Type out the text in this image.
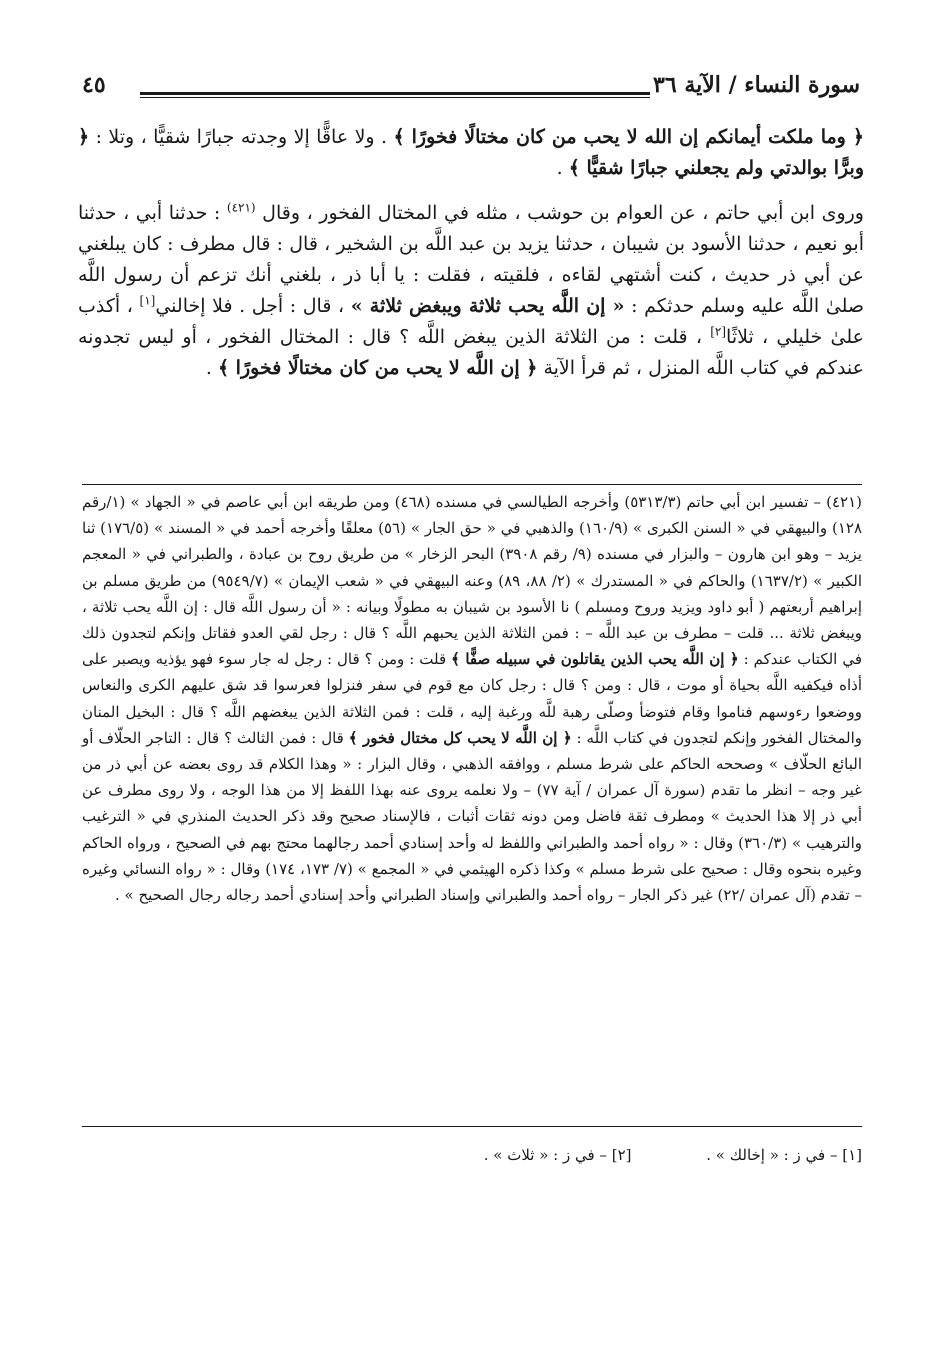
٤٥	سورة النساء / الآية ٣٦

﴿ وما ملكت أيمانكم إن الله لا يحب من كان مختالًا فخورًا ﴾ . ولا عاقًّا إلا وجدته جبارًا شقيًّا ، وتلا : ﴿ وبرًّا بوالدتي ولم يجعلني جبارًا شقيًّا ﴾ .

وروى ابن أبي حاتم ، عن العوام بن حوشب ، مثله في المختال الفخور ، وقال $^{(٤٢١)}$ : حدثنا أبي ، حدثنا أبو نعيم ، حدثنا الأسود بن شيبان ، حدثنا يزيد بن عبد اللَّه بن الشخير ، قال : قال مطرف : كان يبلغني عن أبي ذر حديث ، كنت أشتهي لقاءه ، فلقيته ، فقلت : يا أبا ذر ، بلغني أنك تزعم أن رسول اللَّه صلىٰ اللَّه عليه وسلم حدثكم : « إن اللَّه يحب ثلاثة ويبغض ثلاثة » ، قال : أجل . فلا إخالني[١] ، أكذب علىٰ خليلي ، ثلاثًا[٢] ، قلت : من الثلاثة الذين يبغض اللَّه ؟ قال : المختال الفخور ، أو ليس تجدونه عندكم في كتاب اللَّه المنزل ، ثم قرأ الآية ﴿ إن اللَّه لا يحب من كان مختالًا فخورًا ﴾ .

(٤٢١) – تفسير ابن أبي حاتم (٥٣١٣/٣) وأخرجه الطيالسي في مسنده (٤٦٨) ومن طريقه ابن أبي عاصم في « الجهاد » (١/رقم ١٢٨) والبيهقي في « السنن الكبرى » (١٦٠/٩) والذهبي في « حق الجار » (٥٦) معلقًا وأخرجه أحمد في « المسند » (١٧٦/٥) ثنا يزيد – وهو ابن هارون – والبزار في مسنده (٩/ رقم ٣٩٠٨) البحر الزخار » من طريق روح بن عبادة ، والطبراني في « المعجم الكبير » (١٦٣٧/٢) والحاكم في « المستدرك » (٢/ ٨٨، ٨٩) وعنه البيهقي في « شعب الإيمان » (٩٥٤٩/٧) من طريق مسلم بن إبراهيم أربعتهم ( أبو داود ويزيد وروح ومسلم ) نا الأسود بن شيبان به مطولًا وبيانه : « أن رسول اللَّه قال : إن اللَّه يحب ثلاثة ، ويبغض ثلاثة ... قلت – مطرف بن عبد اللَّه – : فمن الثلاثة الذين يحبهم اللَّه ؟ قال : رجل لقي العدو فقاتل وإنكم لتجدون ذلك في الكتاب عندكم : ﴿ إن اللَّه يحب الذين يقاتلون في سبيله صفًّا ﴾ قلت : ومن ؟ قال : رجل له جار سوء فهو يؤذيه ويصبر على أذاه فيكفيه اللَّه بحياة أو موت ، قال : ومن ؟ قال : رجل كان مع قوم في سفر فنزلوا فعرسوا قد شق عليهم الكرى والنعاس ووضعوا رءوسهم فناموا وقام فتوضأ وصلّى رهبة للَّه ورغبة إليه ، قلت : فمن الثلاثة الذين يبغضهم اللَّه ؟ قال : البخيل المنان والمختال الفخور وإنكم لتجدون في كتاب اللَّه : ﴿ إن اللَّه لا يحب كل مختال فخور ﴾ قال : فمن الثالث ؟ قال : التاجر الحلّاف أو البائع الحلّاف » وصححه الحاكم على شرط مسلم ، ووافقه الذهبي ، وقال البزار : « وهذا الكلام قد روى بعضه عن أبي ذر من غير وجه – انظر ما تقدم (سورة آل عمران / آية ٧٧) – ولا نعلمه يروى عنه بهذا اللفظ إلا من هذا الوجه ، ولا روى مطرف عن أبي ذر إلا هذا الحديث » ومطرف ثقة فاضل ومن دونه ثقات أثبات ، فالإسناد صحيح وقد ذكر الحديث المنذري في « الترغيب والترهيب » (٣٦٠/٣) وقال : « رواه أحمد والطبراني واللفظ له وأحد إسنادي أحمد رجالهما محتج بهم في الصحيح ، ورواه الحاكم وغيره بنحوه وقال : صحيح على شرط مسلم » وكذا ذكره الهيثمي في « المجمع » (٧/ ١٧٣، ١٧٤) وقال : « رواه النسائي وغيره – تقدم (آل عمران /٢٢) غير ذكر الجار – رواه أحمد والطبراني وإسناد الطبراني وأحد إسنادي أحمد رجاله رجال الصحيح » .

[١] – في ز : « إخالك » . [٢] – في ز : « ثلاث » .
